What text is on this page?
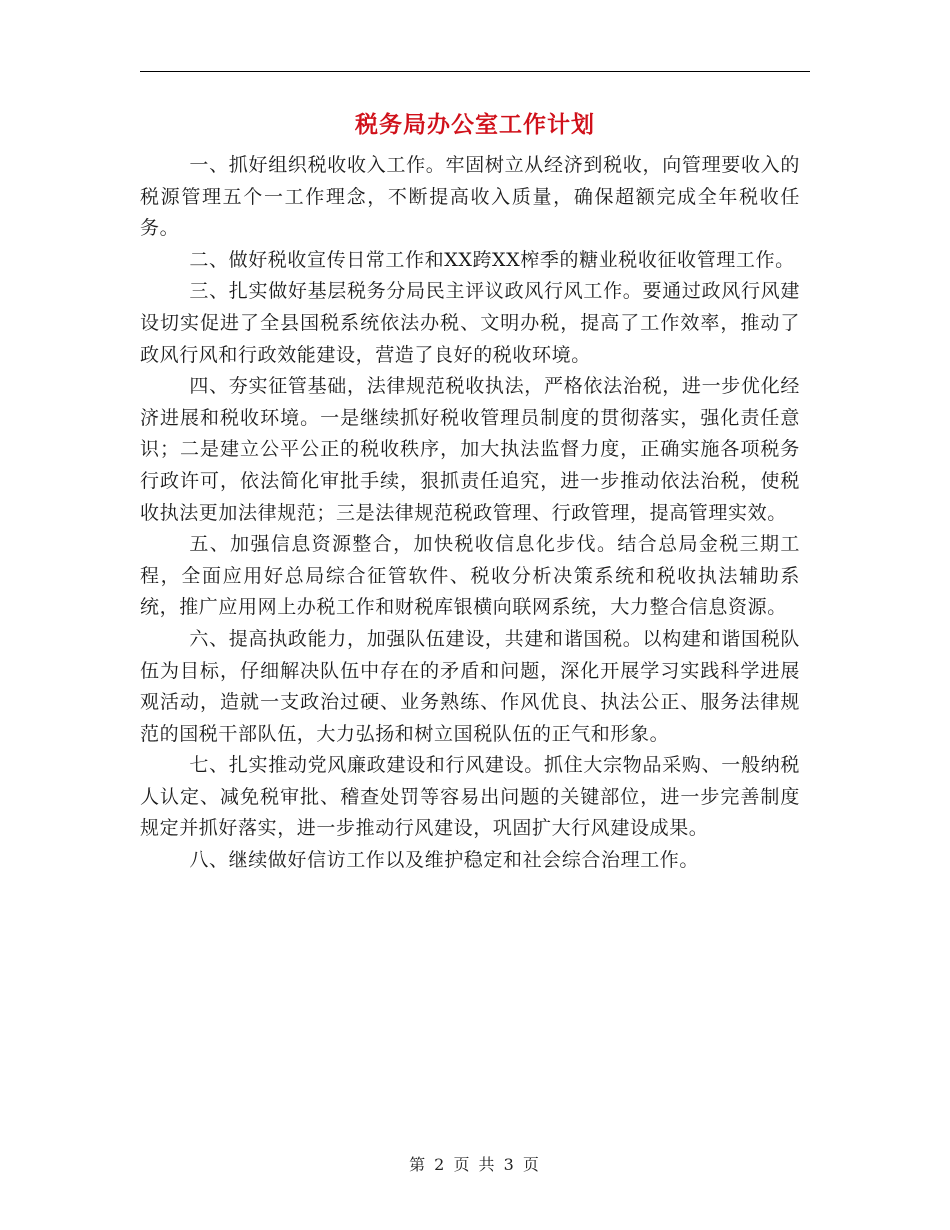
税务局办公室工作计划

一、抓好组织税收收入工作。牢固树立从经济到税收，向管理要收入的税源管理五个一工作理念，不断提高收入质量，确保超额完成全年税收任务。

二、做好税收宣传日常工作和XX跨XX榨季的糖业税收征收管理工作。

三、扎实做好基层税务分局民主评议政风行风工作。要通过政风行风建设切实促进了全县国税系统依法办税、文明办税，提高了工作效率，推动了政风行风和行政效能建设，营造了良好的税收环境。

四、夯实征管基础，法律规范税收执法，严格依法治税，进一步优化经济进展和税收环境。一是继续抓好税收管理员制度的贯彻落实，强化责任意识；二是建立公平公正的税收秩序，加大执法监督力度，正确实施各项税务行政许可，依法简化审批手续，狠抓责任追究，进一步推动依法治税，使税收执法更加法律规范；三是法律规范税政管理、行政管理，提高管理实效。

五、加强信息资源整合，加快税收信息化步伐。结合总局金税三期工程，全面应用好总局综合征管软件、税收分析决策系统和税收执法辅助系统，推广应用网上办税工作和财税库银横向联网系统，大力整合信息资源。

六、提高执政能力，加强队伍建设，共建和谐国税。以构建和谐国税队伍为目标，仔细解决队伍中存在的矛盾和问题，深化开展学习实践科学进展观活动，造就一支政治过硬、业务熟练、作风优良、执法公正、服务法律规范的国税干部队伍，大力弘扬和树立国税队伍的正气和形象。

七、扎实推动党风廉政建设和行风建设。抓住大宗物品采购、一般纳税人认定、减免税审批、稽查处罚等容易出问题的关键部位，进一步完善制度规定并抓好落实，进一步推动行风建设，巩固扩大行风建设成果。

八、继续做好信访工作以及维护稳定和社会综合治理工作。

第 2 页 共 3 页
